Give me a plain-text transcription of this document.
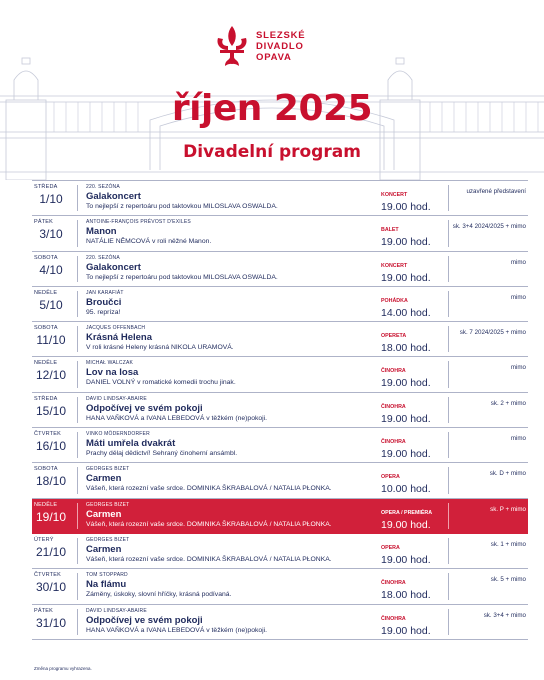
SLEZSKÉ
DIVADLO
OPAVA
říjen 2025
Divadelní program
STŘEDA
1/10
220. SEZÓNA
Galakoncert
To nejlepší z repertoáru pod taktovkou MILOSLAVA OSWALDA.
KONCERT
19.00 hod.
uzavřené představení
PÁTEK
3/10
ANTOINE-FRANÇOIS PRÉVOST D'EXILES
Manon
NATÁLIE NĚMCOVÁ v roli něžné Manon.
BALET
19.00 hod.
sk. 3+4 2024/2025 + mimo
SOBOTA
4/10
220. SEZÓNA
Galakoncert
To nejlepší z repertoáru pod taktovkou MILOSLAVA OSWALDA.
KONCERT
19.00 hod.
mimo
NEDĚLE
5/10
JAN KARAFIÁT
Broučci
95. repríza!
POHÁDKA
14.00 hod.
mimo
SOBOTA
11/10
JACQUES OFFENBACH
Krásná Helena
V roli krásné Heleny krásná NIKOLA URAMOVÁ.
OPERETA
18.00 hod.
sk. 7 2024/2025 + mimo
NEDĚLE
12/10
MICHAŁ WALCZAK
Lov na losa
DANIEL VOLNÝ v romatické komedii trochu jinak.
ČINOHRA
19.00 hod.
mimo
STŘEDA
15/10
DAVID LINDSAY-ABAIRE
Odpočívej ve svém pokoji
HANA VAŇKOVÁ a IVANA LEBEDOVÁ v těžkém (ne)pokoji.
ČINOHRA
19.00 hod.
sk. 2 + mimo
ČTVRTEK
16/10
VINKO MÖDERNDORFER
Máti umřela dvakrát
Prachy dělaj dědictví! Sehraný činoherní ansámbl.
ČINOHRA
19.00 hod.
mimo
SOBOTA
18/10
GEORGES BIZET
Carmen
Vášeň, která rozezní vaše srdce. DOMINIKA ŠKRABALOVÁ / NATALIA PŁONKA.
OPERA
10.00 hod.
sk. D + mimo
NEDĚLE
19/10
GEORGES BIZET
Carmen
Vášeň, která rozezní vaše srdce. DOMINIKA ŠKRABALOVÁ / NATALIA PŁONKA.
OPERA / PREMIÉRA
19.00 hod.
sk. P + mimo
ÚTERÝ
21/10
GEORGES BIZET
Carmen
Vášeň, která rozezní vaše srdce. DOMINIKA ŠKRABALOVÁ / NATALIA PŁONKA.
OPERA
19.00 hod.
sk. 1 + mimo
ČTVRTEK
30/10
TOM STOPPARD
Na flámu
Záměny, úskoky, slovní hříčky, krásná podívaná.
ČINOHRA
18.00 hod.
sk. 5 + mimo
PÁTEK
31/10
DAVID LINDSAY-ABAIRE
Odpočívej ve svém pokoji
HANA VAŇKOVÁ a IVANA LEBEDOVÁ v těžkém (ne)pokoji.
ČINOHRA
19.00 hod.
sk. 3+4 + mimo
Změna programu vyhrazena.
